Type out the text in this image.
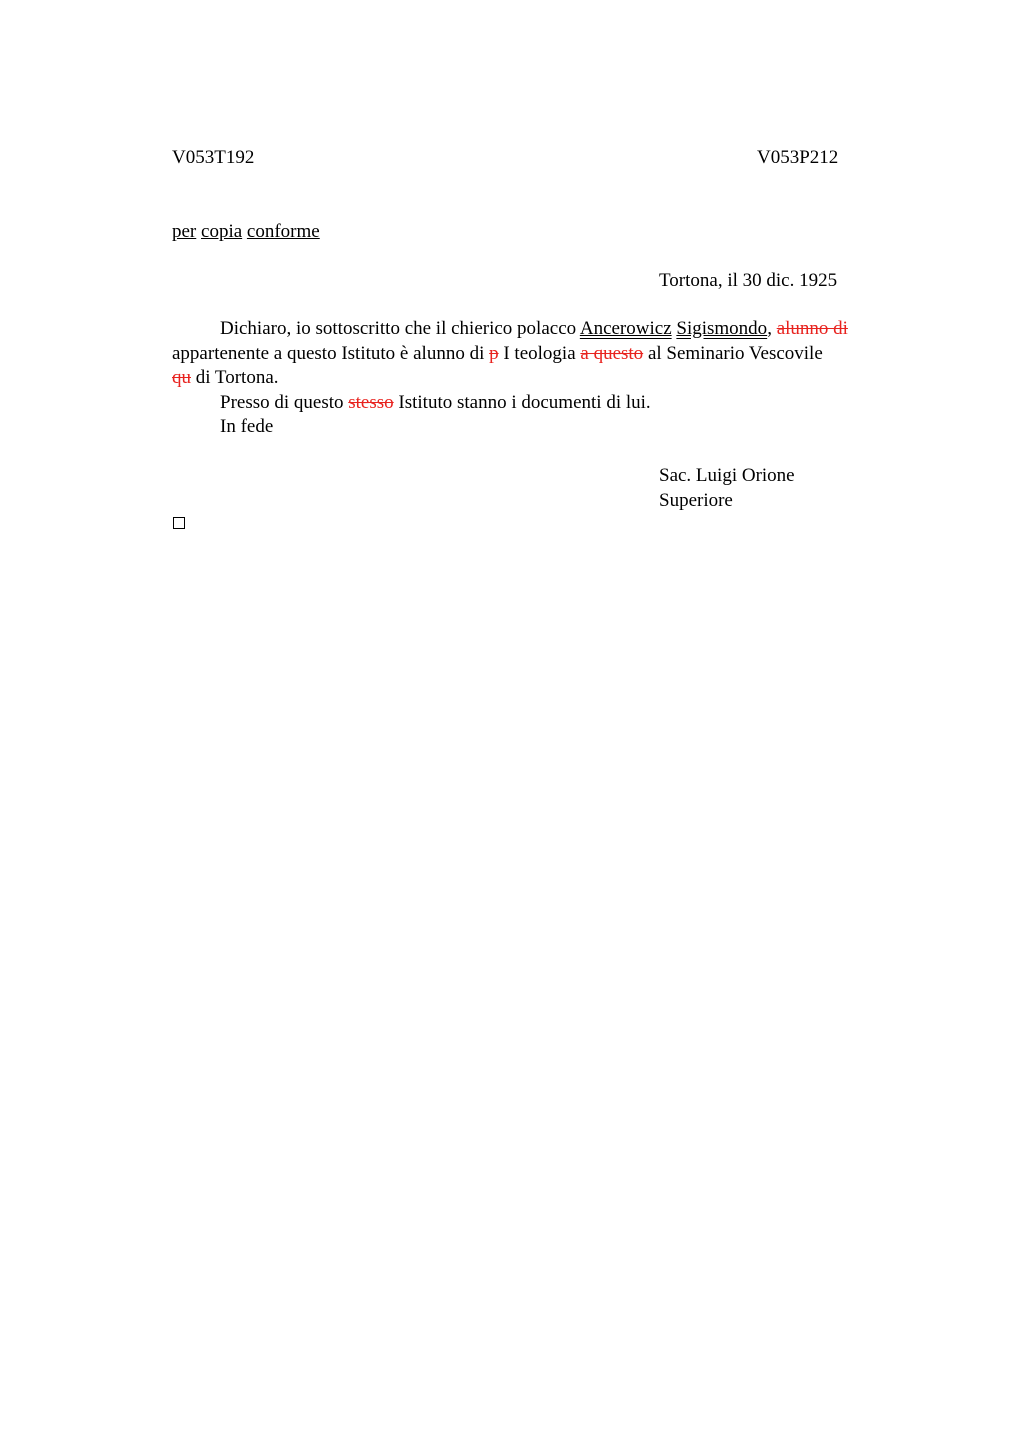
V053T192	V053P212
per copia conforme
Tortona, il 30 dic. 1925
Dichiaro, io sottoscritto che il chierico polacco Ancerowicz Sigismondo, alunno di
appartenente a questo Istituto è alunno di p I teologia a questo al Seminario Vescovile
qu di Tortona.
Presso di questo stesso Istituto stanno i documenti di lui.
In fede
Sac. Luigi Orione
Superiore
